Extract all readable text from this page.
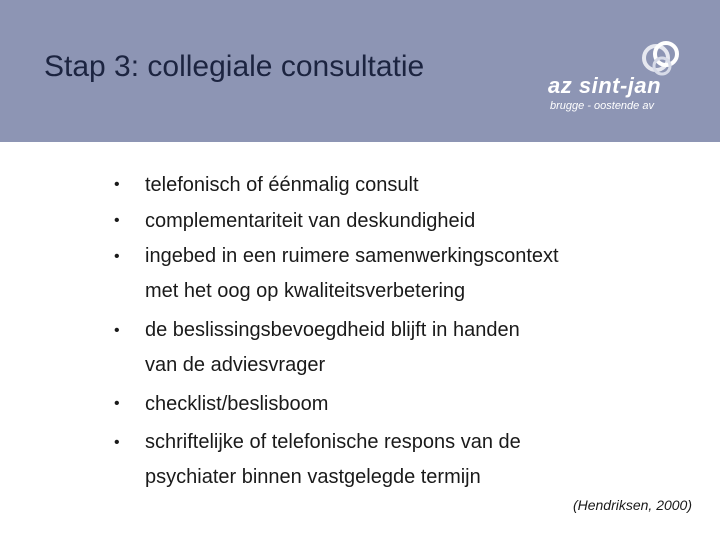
Stap 3: collegiale consultatie
az sint-jan
brugge - oostende av
• telefonisch of éénmalig consult
• complementariteit van deskundigheid
• ingebed in een ruimere samenwerkingscontext
met het oog op kwaliteitsverbetering
• de beslissingsbevoegdheid blijft in handen
van de adviesvrager
• checklist/beslisboom
• schriftelijke of telefonische respons van de
psychiater binnen vastgelegde termijn
(Hendriksen, 2000)
